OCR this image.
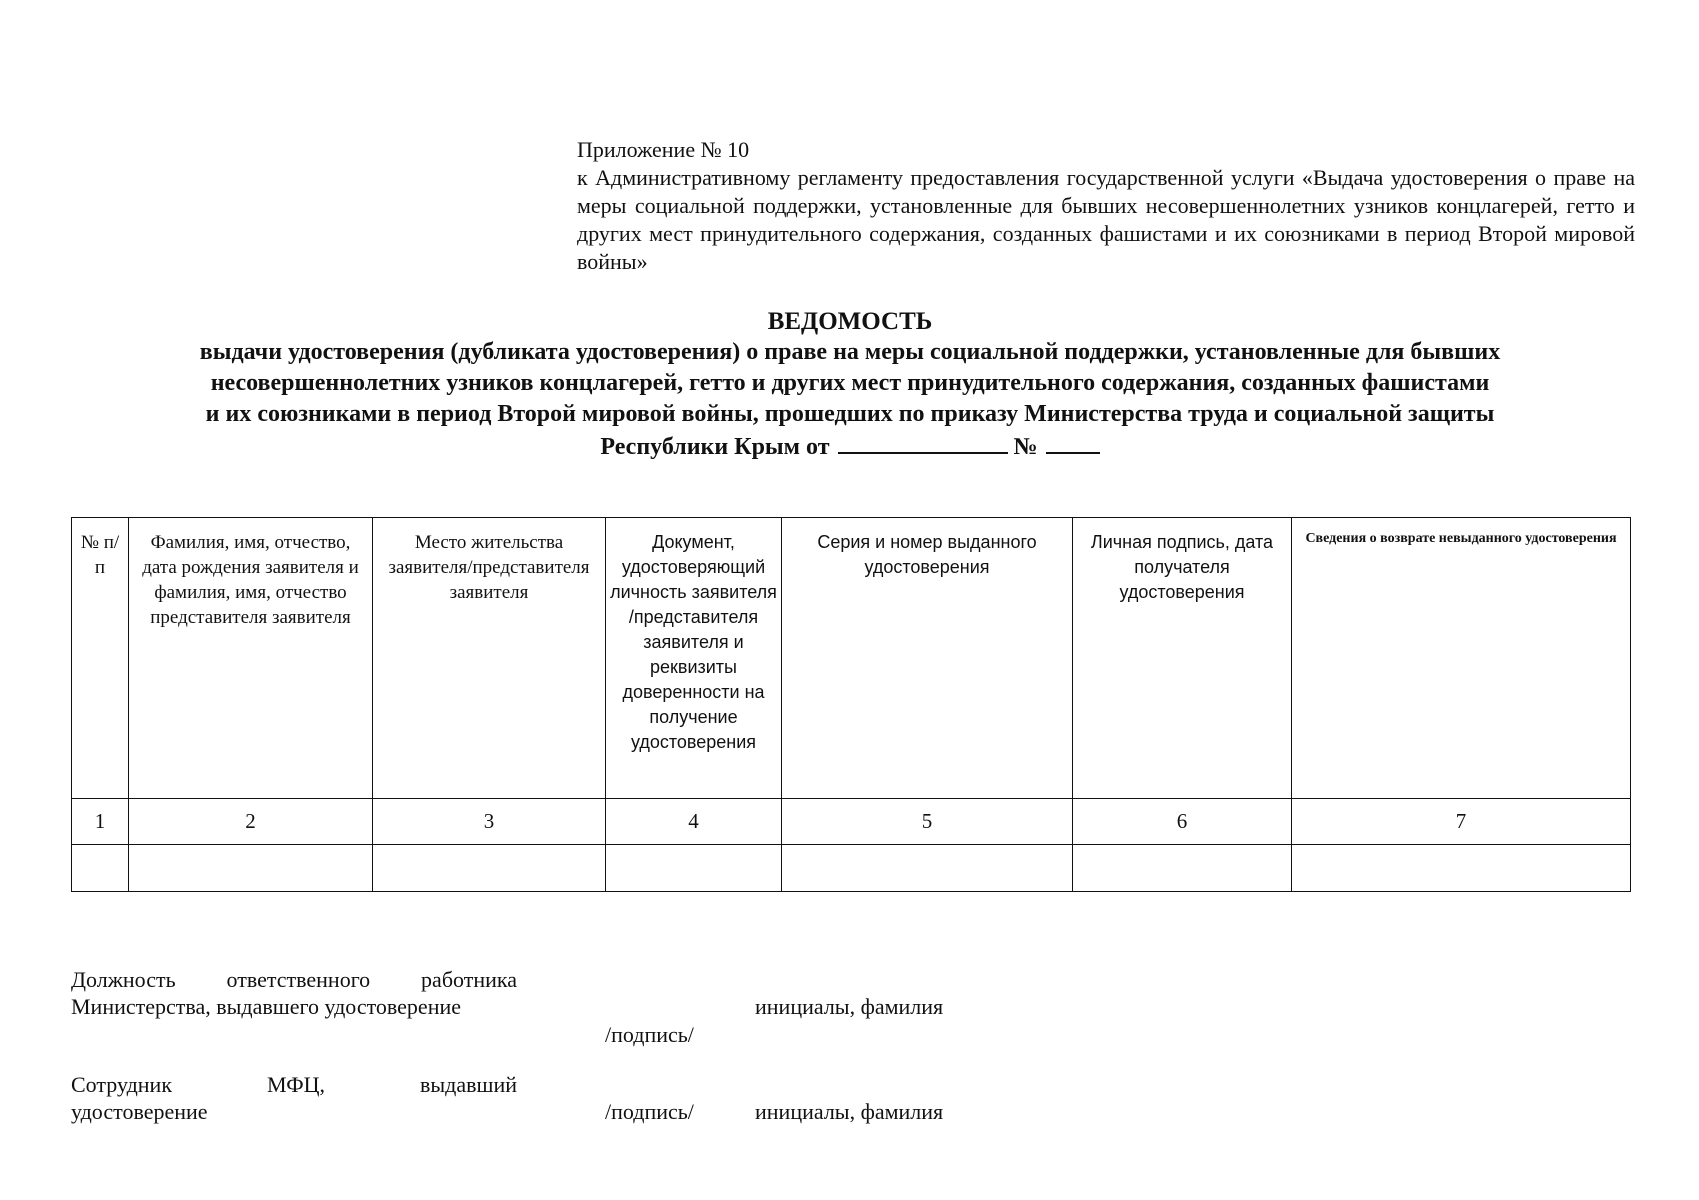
Приложение № 10
к Административному регламенту предоставления государственной услуги «Выдача удостоверения о праве на меры социальной поддержки, установленные для бывших несовершеннолетних узников концлагерей, гетто и других мест принудительного содержания, созданных фашистами и их союзниками в период Второй мировой войны»
ВЕДОМОСТЬ
выдачи удостоверения (дубликата удостоверения) о праве на меры социальной поддержки, установленные для бывших
несовершеннолетних узников концлагерей, гетто и других мест принудительного содержания, созданных фашистами
и их союзниками в период Второй мировой войны, прошедших по приказу Министерства труда и социальной защиты
Республики Крым от	№
№ п/п	Фамилия, имя, отчество, дата рождения заявителя и фамилия, имя, отчество представителя заявителя	Место жительства заявителя/представителя заявителя	Документ, удостоверяющий личность заявителя /представителя заявителя и реквизиты доверенности на получение удостоверения	Серия и номер выданного удостоверения	Личная подпись, дата получателя удостоверения	Сведения о возврате невыданного удостоверения
1	2	3	4	5	6	7

Должность ответственного работника
Министерства, выдавшего удостоверение	инициалы, фамилия
/подпись/
Сотрудник МФЦ, выдавший
удостоверение	/подпись/	инициалы, фамилия
